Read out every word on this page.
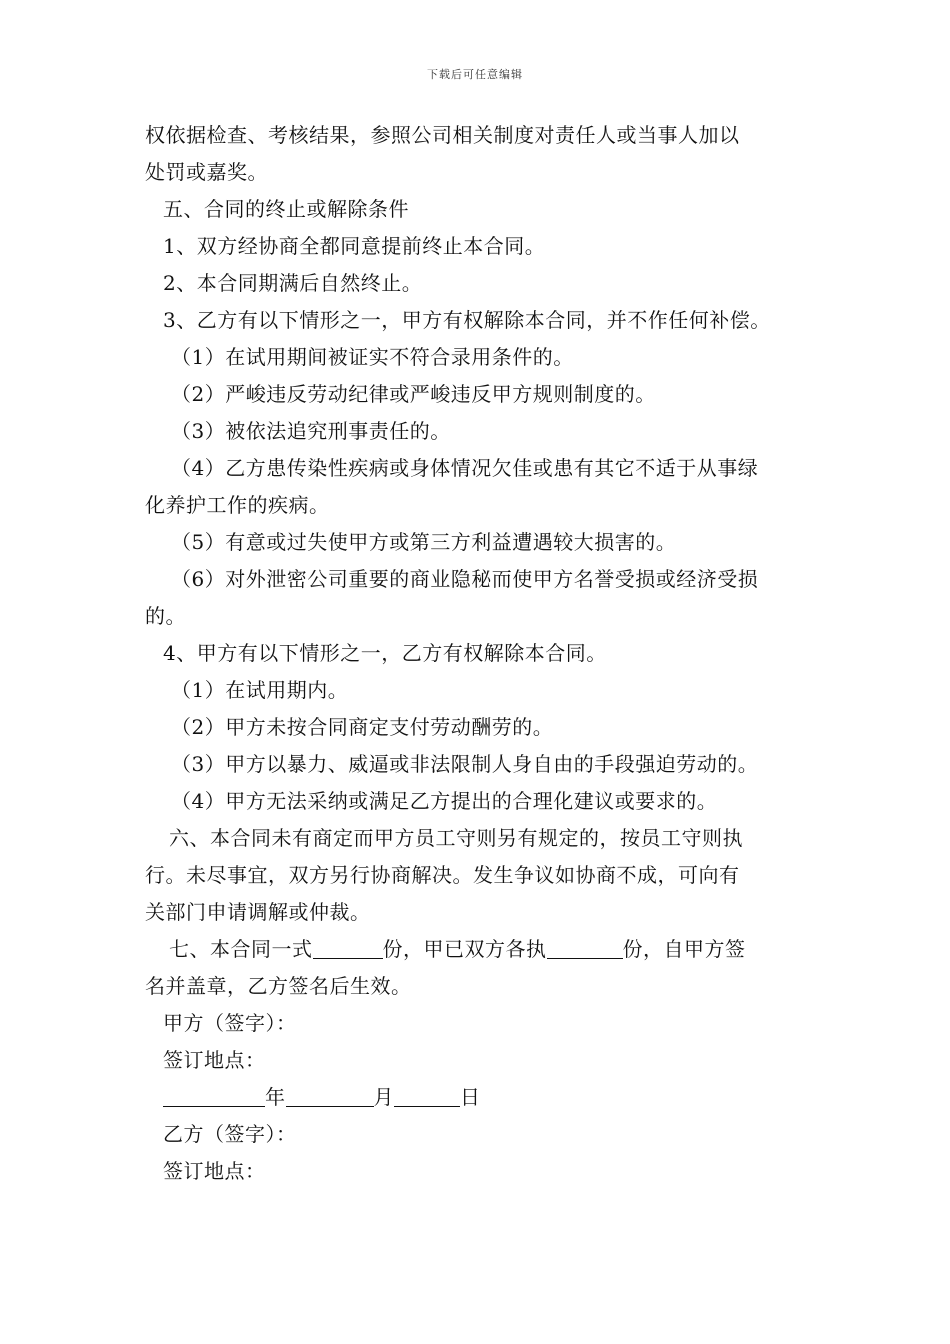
下载后可任意编辑
权依据检查、考核结果，参照公司相关制度对责任人或当事人加以
处罚或嘉奖。
五、合同的终止或解除条件
1、双方经协商全都同意提前终止本合同。
2、本合同期满后自然终止。
3、乙方有以下情形之一，甲方有权解除本合同，并不作任何补偿。
（1）在试用期间被证实不符合录用条件的。
（2）严峻违反劳动纪律或严峻违反甲方规则制度的。
（3）被依法追究刑事责任的。
（4）乙方患传染性疾病或身体情况欠佳或患有其它不适于从事绿
化养护工作的疾病。
（5）有意或过失使甲方或第三方利益遭遇较大损害的。
（6）对外泄密公司重要的商业隐秘而使甲方名誉受损或经济受损
的。
4、甲方有以下情形之一，乙方有权解除本合同。
（1）在试用期内。
（2）甲方未按合同商定支付劳动酬劳的。
（3）甲方以暴力、威逼或非法限制人身自由的手段强迫劳动的。
（4）甲方无法采纳或满足乙方提出的合理化建议或要求的。
六、本合同未有商定而甲方员工守则另有规定的，按员工守则执
行。未尽事宜，双方另行协商解决。发生争议如协商不成，可向有
关部门申请调解或仲裁。
七、本合同一式	份，甲已双方各执	份，自甲方签
名并盖章，乙方签名后生效。
甲方（签字）：
签订地点：
年	月	日
乙方（签字）：
签订地点：
